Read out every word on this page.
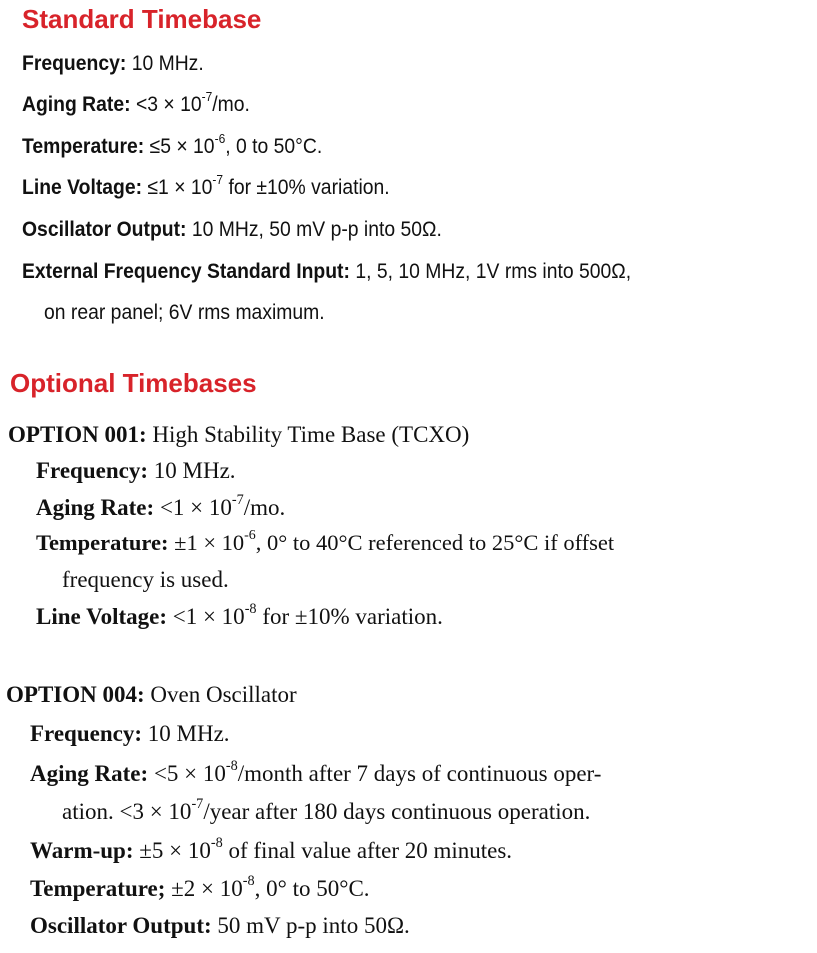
Standard Timebase
Frequency: 10 MHz.
Aging Rate: $<3 \times 10^{-7}/mo$.
Temperature: $\le 5 \times 10^{-6}$, 0 to 50°C.
Line Voltage: $\le 1 \times 10^{-7}$ for ±10% variation.
Oscillator Output: 10 MHz, 50 mV p-p into 50Ω.
External Frequency Standard Input: 1, 5, 10 MHz, 1V rms into 500Ω,
on rear panel; 6V rms maximum.
Optional Timebases
OPTION 001: High Stability Time Base (TCXO)
Frequency: 10 MHz.
Aging Rate: $<1 \times 10^{-7}/mo$.
Temperature: $\pm 1 \times 10^{-6}$, 0° to 40°C referenced to 25°C if offset
frequency is used.
Line Voltage: $<1 \times 10^{-8}$ for ±10% variation.
OPTION 004: Oven Oscillator
Frequency: 10 MHz.
Aging Rate: $<5 \times 10^{-8}$/month after 7 days of continuous oper-
ation. $<3 \times 10^{-7}$/year after 180 days continuous operation.
Warm-up: $\pm 5 \times 10^{-8}$ of final value after 20 minutes.
Temperature; $\pm 2 \times 10^{-8}$, 0° to 50°C.
Oscillator Output: 50 mV p-p into 50Ω.
